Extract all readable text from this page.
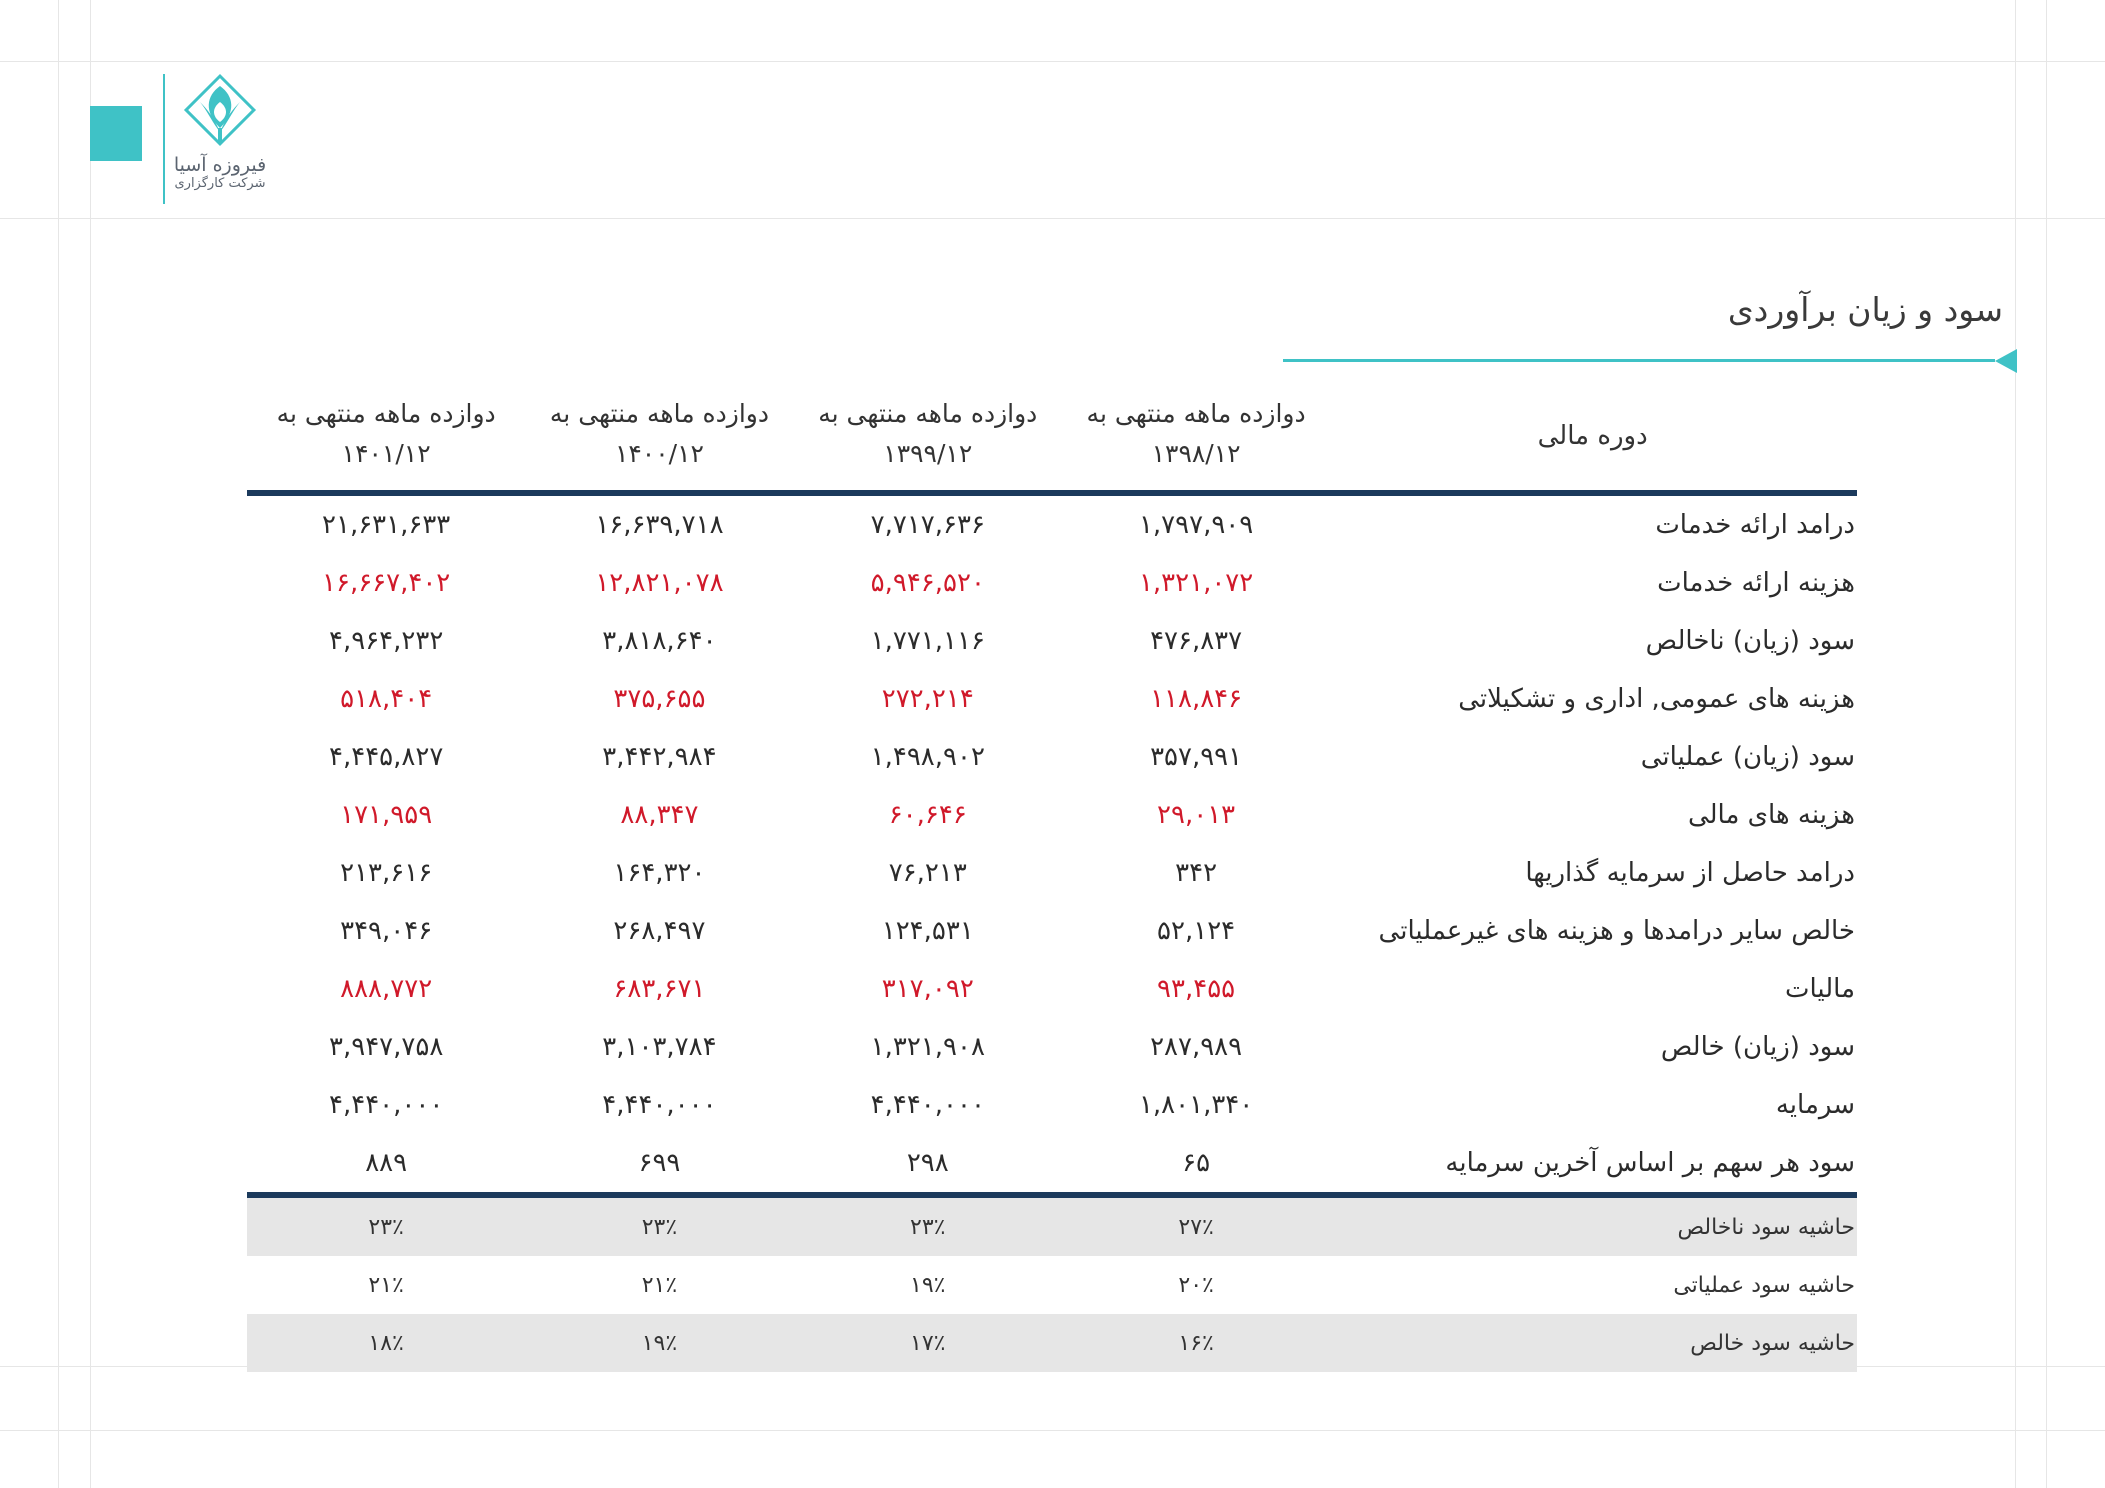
فیروزه آسیا
شرکت کارگزاری
سود و زیان برآوردی
دوره مالی
دوازده ماهه منتهی به
۱۳۹۸/۱۲
دوازده ماهه منتهی به
۱۳۹۹/۱۲
دوازده ماهه منتهی به
۱۴۰۰/۱۲
دوازده ماهه منتهی به
۱۴۰۱/۱۲
درامد ارائه خدمات
۱,۷۹۷,۹۰۹
۷,۷۱۷,۶۳۶
۱۶,۶۳۹,۷۱۸
۲۱,۶۳۱,۶۳۳
هزینه ارائه خدمات
۱,۳۲۱,۰۷۲
۵,۹۴۶,۵۲۰
۱۲,۸۲۱,۰۷۸
۱۶,۶۶۷,۴۰۲
سود (زیان) ناخالص
۴۷۶,۸۳۷
۱,۷۷۱,۱۱۶
۳,۸۱۸,۶۴۰
۴,۹۶۴,۲۳۲
هزینه های عمومی, اداری و تشکیلاتی
۱۱۸,۸۴۶
۲۷۲,۲۱۴
۳۷۵,۶۵۵
۵۱۸,۴۰۴
سود (زیان) عملیاتی
۳۵۷,۹۹۱
۱,۴۹۸,۹۰۲
۳,۴۴۲,۹۸۴
۴,۴۴۵,۸۲۷
هزینه های مالی
۲۹,۰۱۳
۶۰,۶۴۶
۸۸,۳۴۷
۱۷۱,۹۵۹
درامد حاصل از سرمایه گذاریها
۳۴۲
۷۶,۲۱۳
۱۶۴,۳۲۰
۲۱۳,۶۱۶
خالص سایر درامدها و هزینه های غیرعملیاتی
۵۲,۱۲۴
۱۲۴,۵۳۱
۲۶۸,۴۹۷
۳۴۹,۰۴۶
مالیات
۹۳,۴۵۵
۳۱۷,۰۹۲
۶۸۳,۶۷۱
۸۸۸,۷۷۲
سود (زیان) خالص
۲۸۷,۹۸۹
۱,۳۲۱,۹۰۸
۳,۱۰۳,۷۸۴
۳,۹۴۷,۷۵۸
سرمایه
۱,۸۰۱,۳۴۰
۴,۴۴۰,۰۰۰
۴,۴۴۰,۰۰۰
۴,۴۴۰,۰۰۰
سود هر سهم بر اساس آخرین سرمایه
۶۵
۲۹۸
۶۹۹
۸۸۹
حاشیه سود ناخالص
۲۷٪
۲۳٪
۲۳٪
۲۳٪
حاشیه سود عملیاتی
۲۰٪
۱۹٪
۲۱٪
۲۱٪
حاشیه سود خالص
۱۶٪
۱۷٪
۱۹٪
۱۸٪
